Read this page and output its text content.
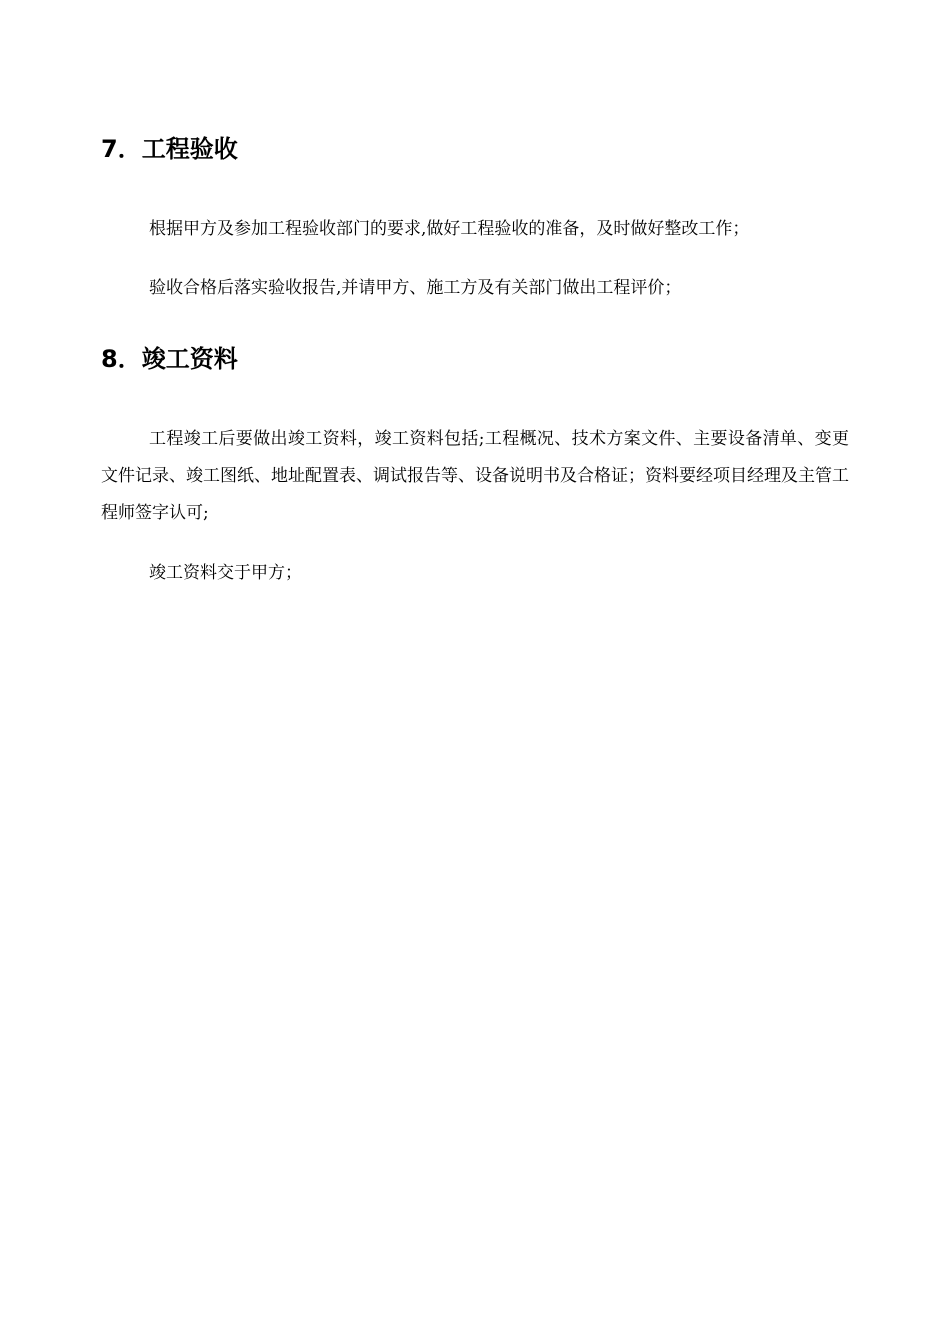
7．工程验收
根据甲方及参加工程验收部门的要求,做好工程验收的准备，及时做好整改工作；
验收合格后落实验收报告,并请甲方、施工方及有关部门做出工程评价；
8．竣工资料
工程竣工后要做出竣工资料，竣工资料包括;工程概况、技术方案文件、主要设备清单、变更文件记录、竣工图纸、地址配置表、调试报告等、设备说明书及合格证；资料要经项目经理及主管工程师签字认可;
竣工资料交于甲方；
